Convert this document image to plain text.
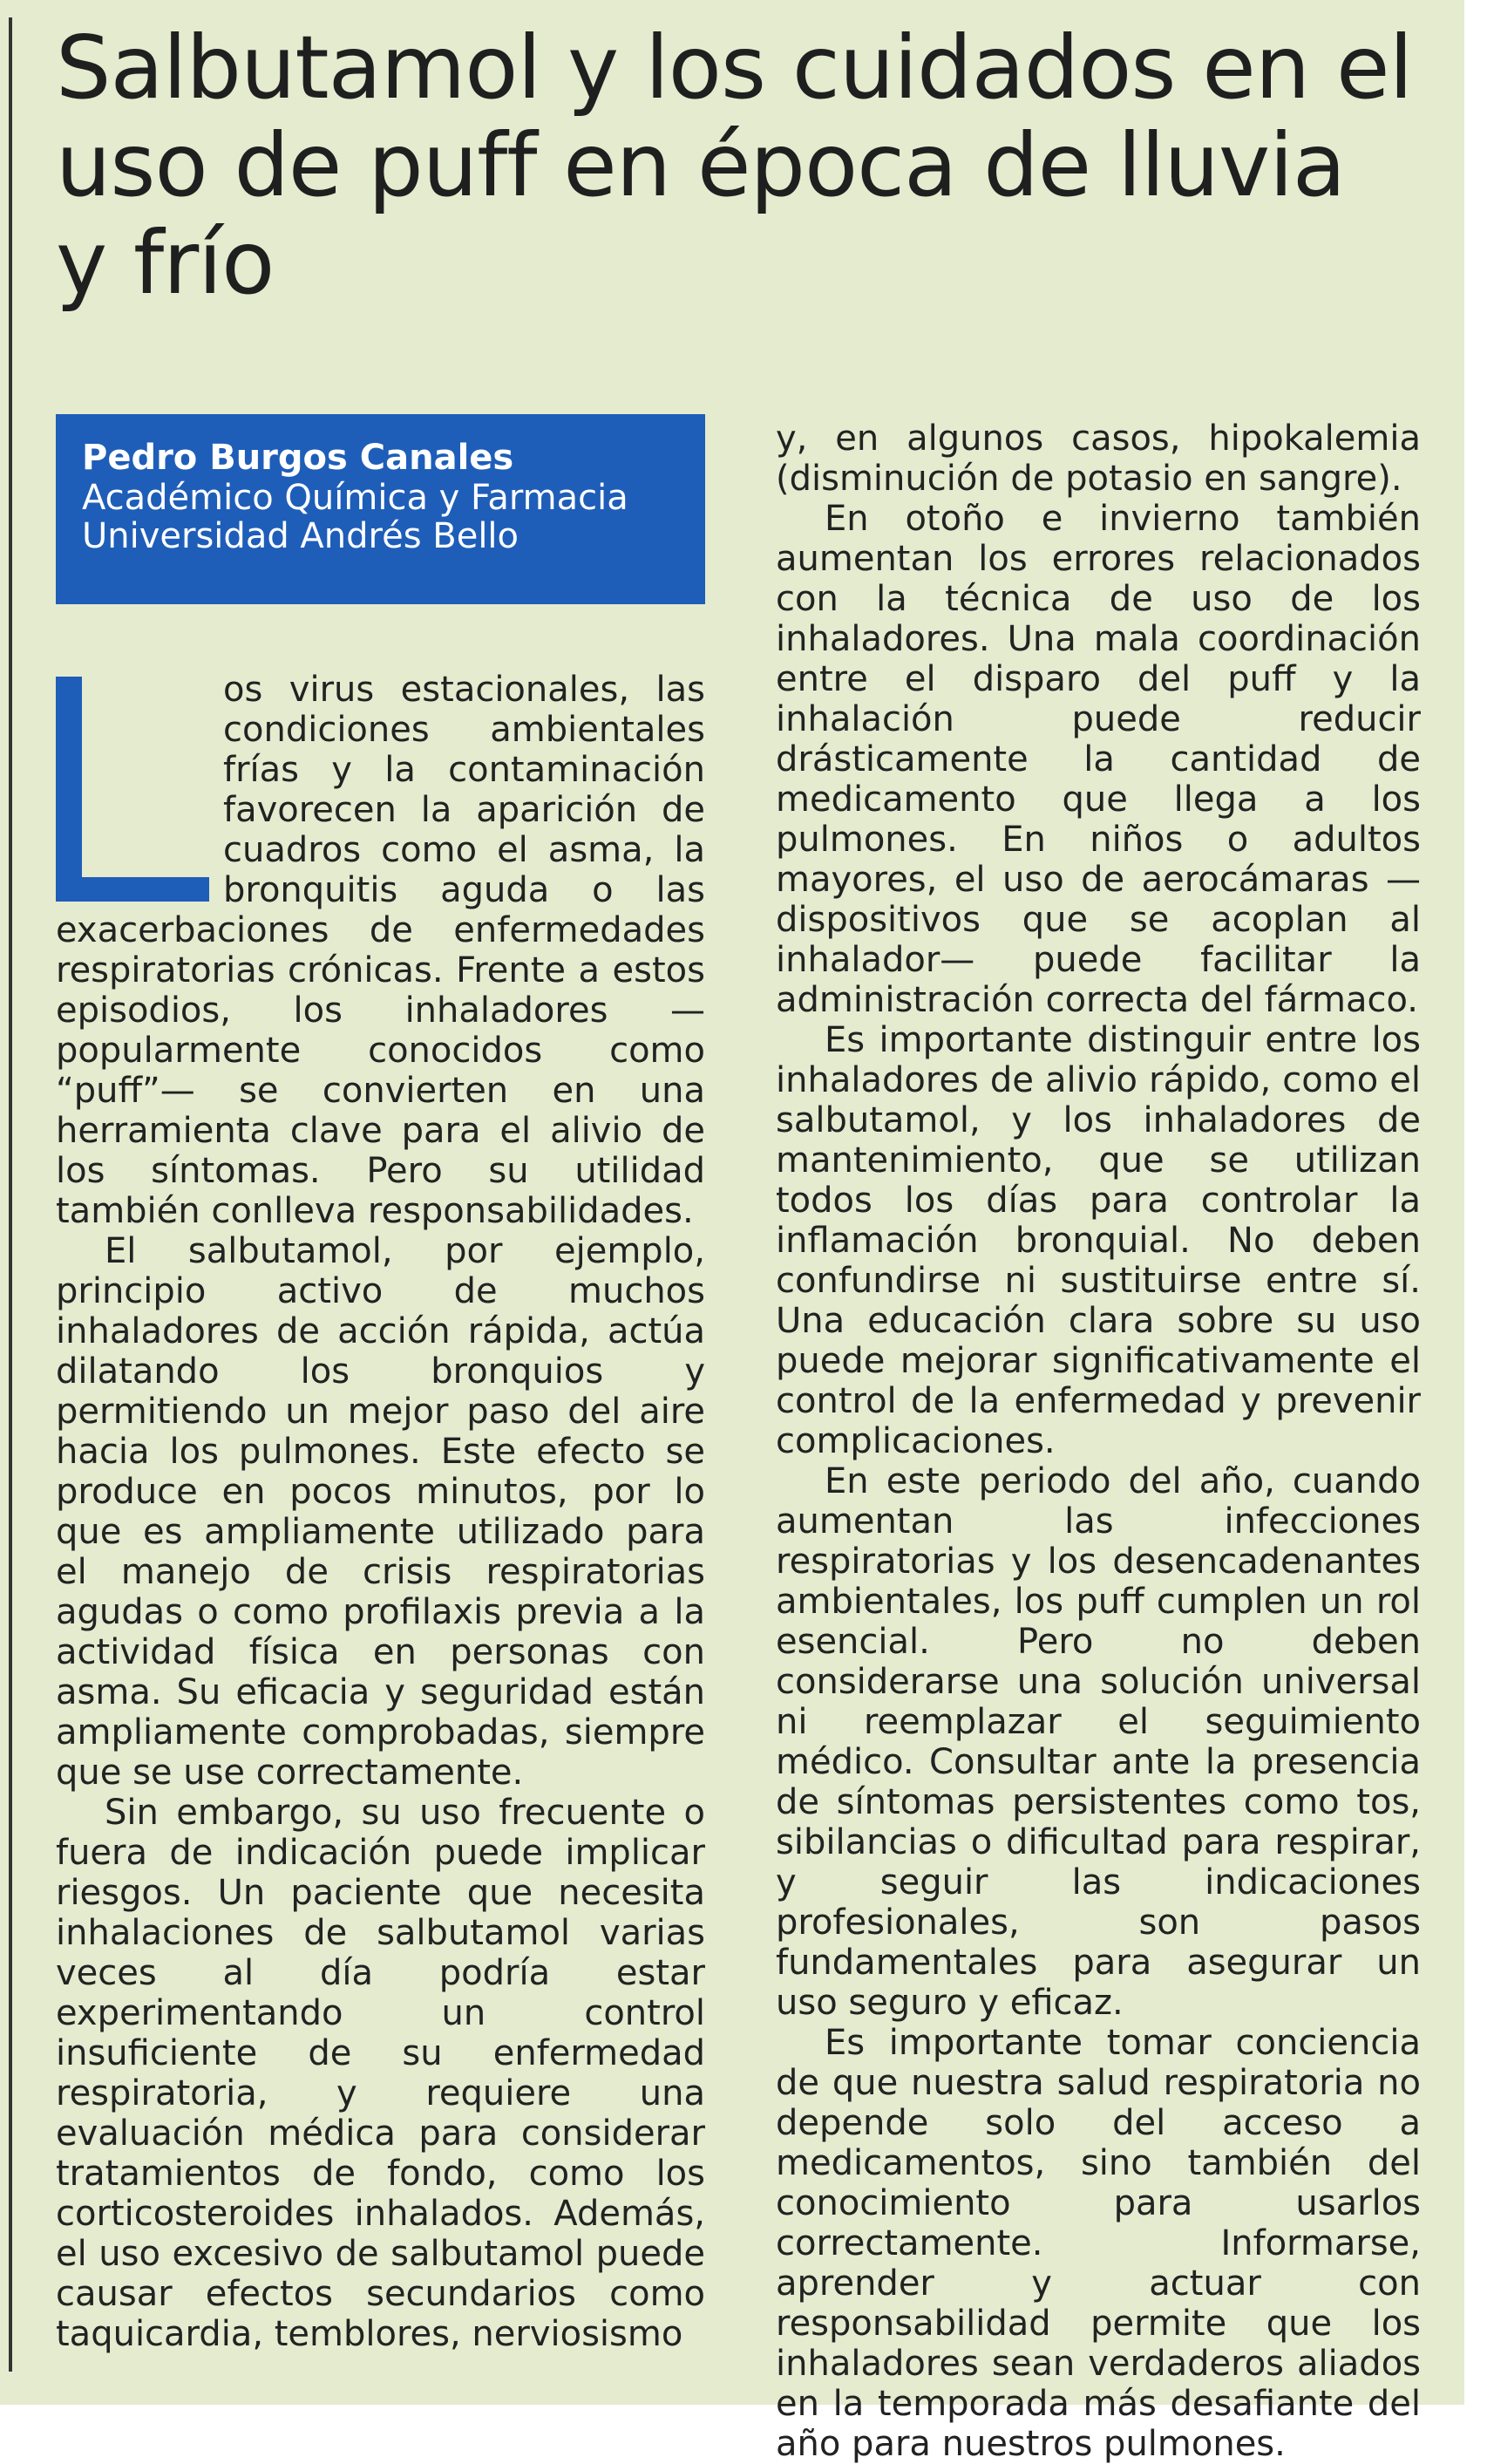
Salbutamol y los cuidados en el uso de puff en época de lluvia y frío
Pedro Burgos Canales
Académico Química y Farmacia
Universidad Andrés Bello

os virus estacionales, las condiciones ambientales frías y la contaminación favorecen la aparición de cuadros como el asma, la bronquitis aguda o las exacerbaciones de enfermedades respiratorias crónicas. Frente a estos episodios, los inhaladores —popularmente conocidos como “puff”— se convierten en una herramienta clave para el alivio de los síntomas. Pero su utilidad también conlleva responsabilidades.

El salbutamol, por ejemplo, principio activo de muchos inhaladores de acción rápida, actúa dilatando los bronquios y permitiendo un mejor paso del aire hacia los pulmones. Este efecto se produce en pocos minutos, por lo que es ampliamente utilizado para el manejo de crisis respiratorias agudas o como profilaxis previa a la actividad física en personas con asma. Su eficacia y seguridad están ampliamente comprobadas, siempre que se use correctamente.

Sin embargo, su uso frecuente o fuera de indicación puede implicar riesgos. Un paciente que necesita inhalaciones de salbutamol varias veces al día podría estar experimentando un control insuficiente de su enfermedad respiratoria, y requiere una evaluación médica para considerar tratamientos de fondo, como los corticosteroides inhalados. Además, el uso excesivo de salbutamol puede causar efectos secundarios como taquicardia, temblores, nerviosismo

y, en algunos casos, hipokalemia (disminución de potasio en sangre).

En otoño e invierno también aumentan los errores relacionados con la técnica de uso de los inhaladores. Una mala coordinación entre el disparo del puff y la inhalación puede reducir drásticamente la cantidad de medicamento que llega a los pulmones. En niños o adultos mayores, el uso de aerocámaras —dispositivos que se acoplan al inhalador— puede facilitar la administración correcta del fármaco.

Es importante distinguir entre los inhaladores de alivio rápido, como el salbutamol, y los inhaladores de mantenimiento, que se utilizan todos los días para controlar la inflamación bronquial. No deben confundirse ni sustituirse entre sí. Una educación clara sobre su uso puede mejorar significativamente el control de la enfermedad y prevenir complicaciones.

En este periodo del año, cuando aumentan las infecciones respiratorias y los desencadenantes ambientales, los puff cumplen un rol esencial. Pero no deben considerarse una solución universal ni reemplazar el seguimiento médico. Consultar ante la presencia de síntomas persistentes como tos, sibilancias o dificultad para respirar, y seguir las indicaciones profesionales, son pasos fundamentales para asegurar un uso seguro y eficaz.

Es importante tomar conciencia de que nuestra salud respiratoria no depende solo del acceso a medicamentos, sino también del conocimiento para usarlos correctamente. Informarse, aprender y actuar con responsabilidad permite que los inhaladores sean verdaderos aliados en la temporada más desafiante del año para nuestros pulmones.
